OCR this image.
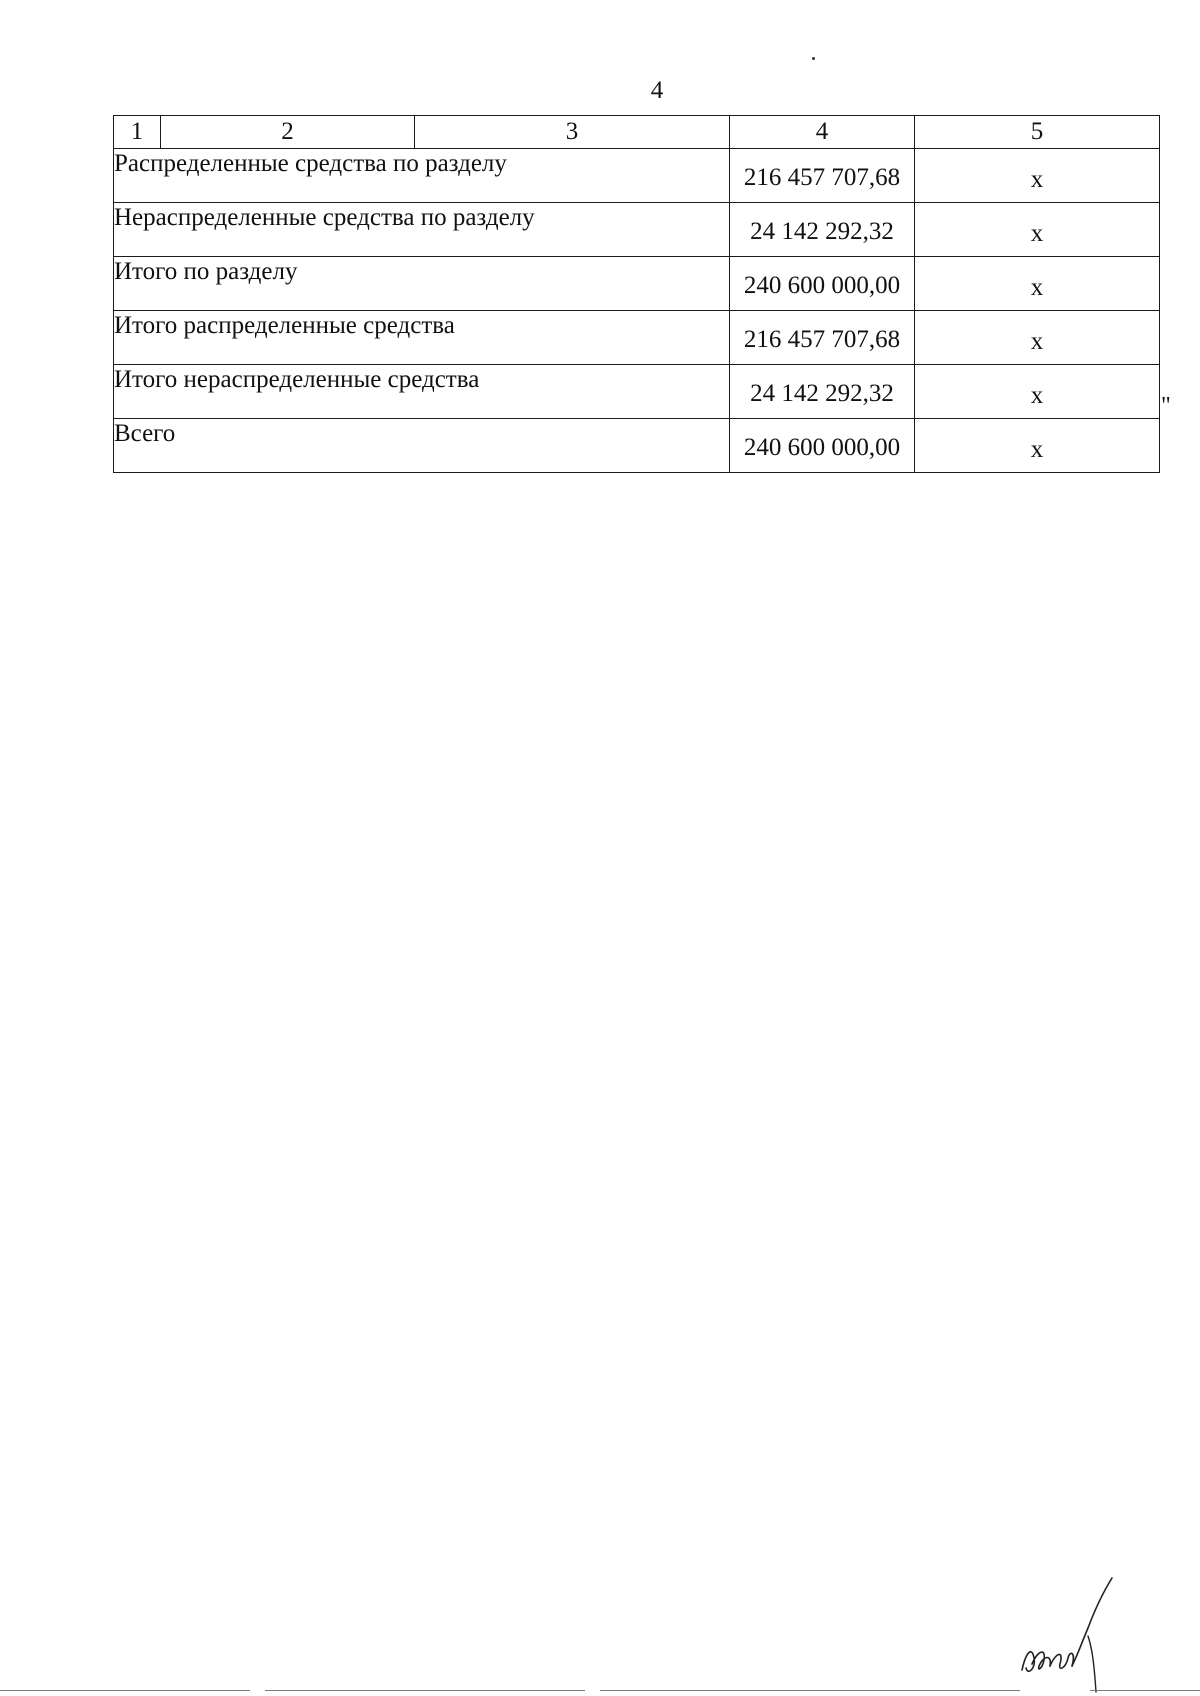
4
1	2	3	4	5
Распределенные средства по разделу			216 457 707,68	х
Нераспределенные средства по разделу			24 142 292,32	х
Итого по разделу			240 600 000,00	х
Итого распределенные средства			216 457 707,68	х
Итого нераспределенные средства			24 142 292,32	х
Всего			240 600 000,00	х
"
